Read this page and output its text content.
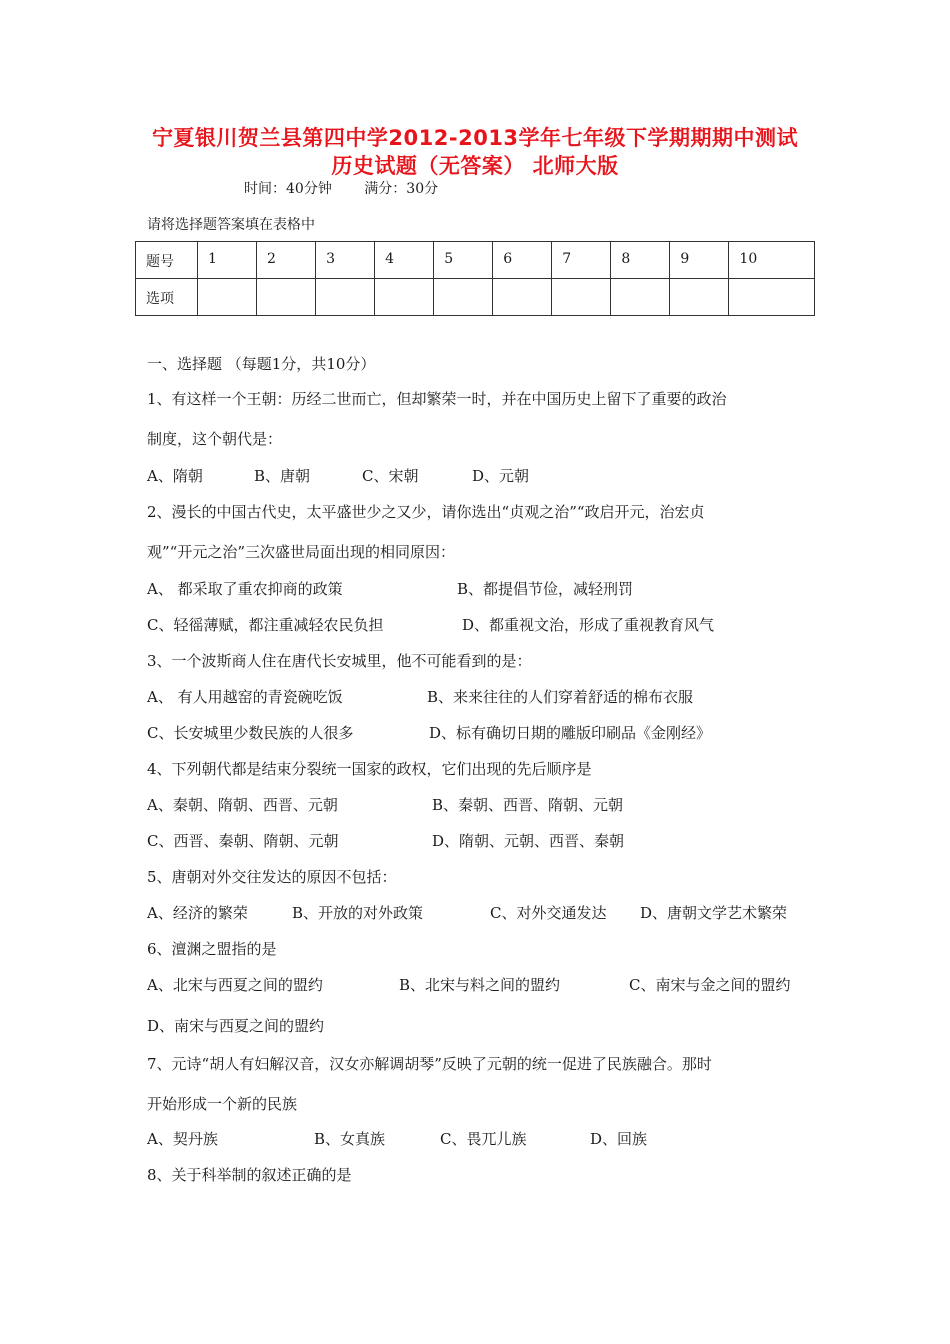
宁夏银川贺兰县第四中学2012-2013学年七年级下学期期期中测试
历史试题（无答案） 北师大版
时间：40分钟 满分：30分
请将选择题答案填在表格中
题号	1	2	3	4	5	6	7	8	9	10
选项										
一、选择题 （每题1分，共10分）
1、有这样一个王朝：历经二世而亡，但却繁荣一时，并在中国历史上留下了重要的政治
制度，这个朝代是：
A、隋朝	B、唐朝	C、宋朝	D、元朝
2、漫长的中国古代史，太平盛世少之又少，请你选出“贞观之治”“政启开元，治宏贞
观”“开元之治”三次盛世局面出现的相同原因：
A、 都采取了重农抑商的政策	B、都提倡节俭，减轻刑罚
C、轻徭薄赋，都注重减轻农民负担	D、都重视文治，形成了重视教育风气
3、一个波斯商人住在唐代长安城里，他不可能看到的是：
A、 有人用越窑的青瓷碗吃饭	B、来来往往的人们穿着舒适的棉布衣服
C、长安城里少数民族的人很多	D、标有确切日期的雕版印刷品《金刚经》
4、下列朝代都是结束分裂统一国家的政权，它们出现的先后顺序是
A、秦朝、隋朝、西晋、元朝	B、秦朝、西晋、隋朝、元朝
C、西晋、秦朝、隋朝、元朝	D、隋朝、元朝、西晋、秦朝
5、唐朝对外交往发达的原因不包括：
A、经济的繁荣	B、开放的对外政策	C、对外交通发达 D、唐朝文学艺术繁荣
6、澶渊之盟指的是
A、北宋与西夏之间的盟约	B、北宋与料之间的盟约	C、南宋与金之间的盟约
D、南宋与西夏之间的盟约
7、元诗“胡人有妇解汉音，汉女亦解调胡琴”反映了元朝的统一促进了民族融合。那时
开始形成一个新的民族
A、契丹族	B、女真族	C、畏兀儿族	D、回族
8、关于科举制的叙述正确的是
